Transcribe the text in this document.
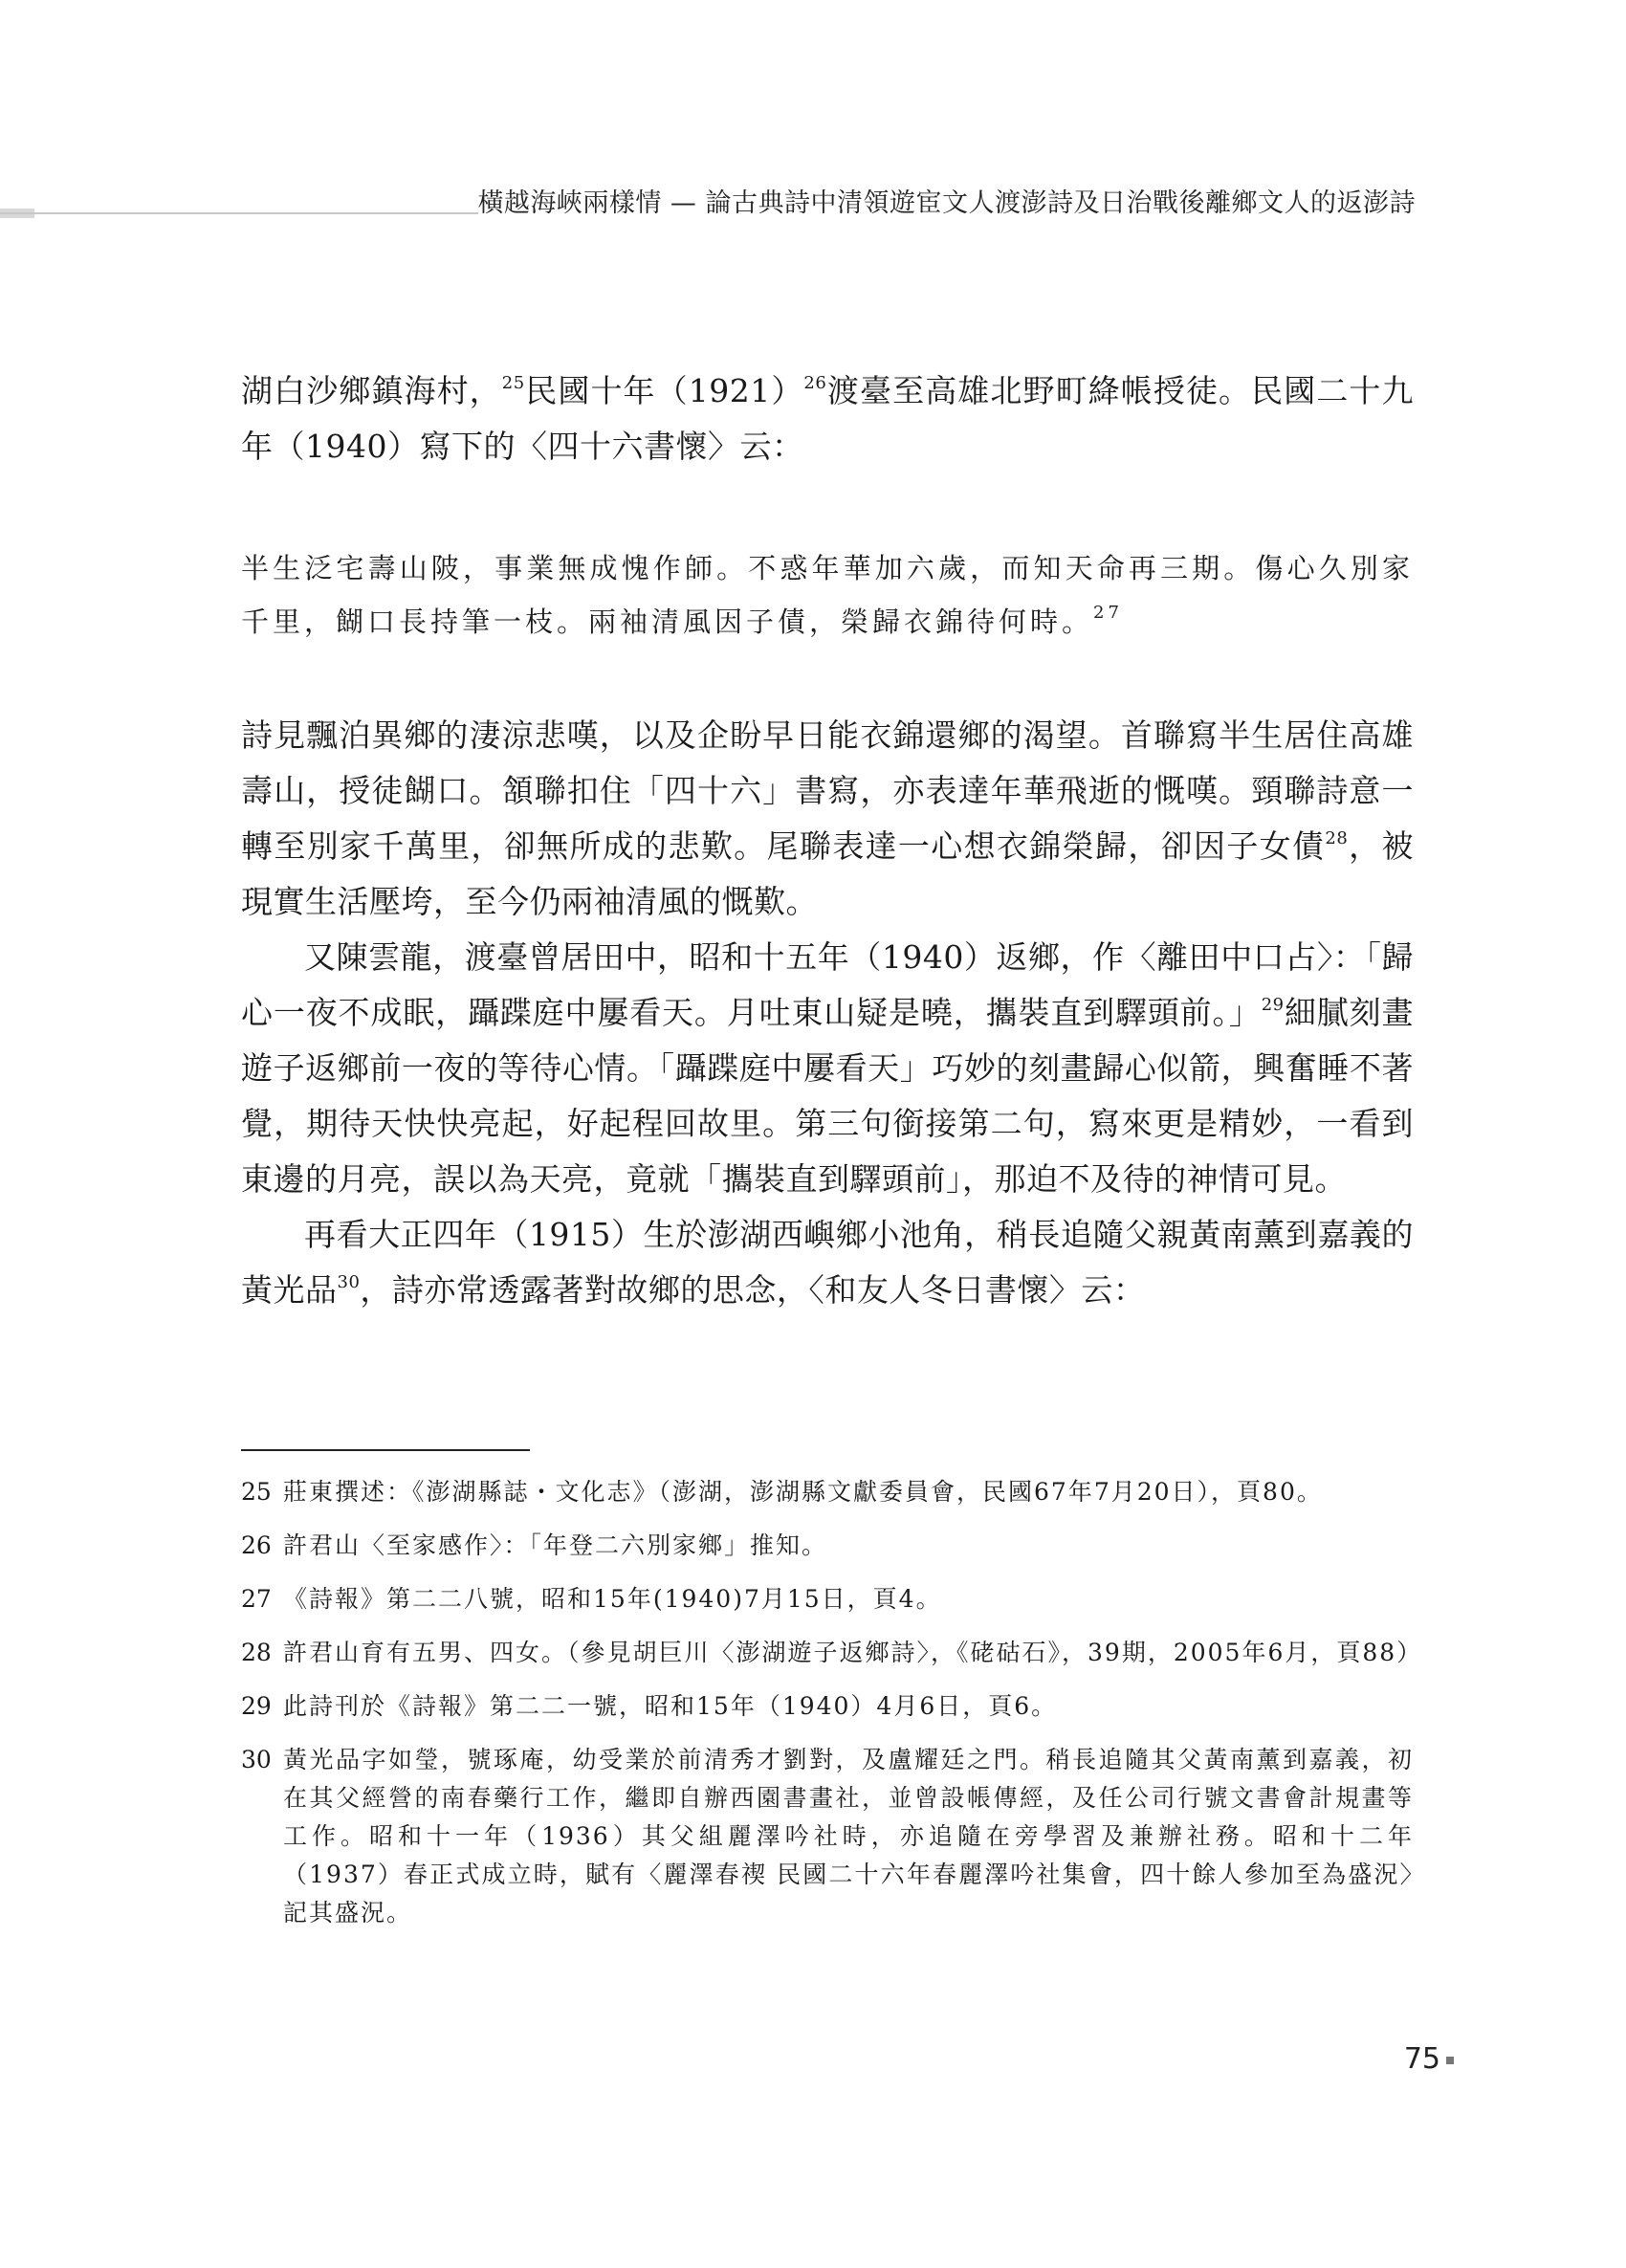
橫越海峽兩樣情 — 論古典詩中清領遊宦文人渡澎詩及日治戰後離鄉文人的返澎詩

湖白沙鄉鎮海村，$^{25}$民國十年$(1921)^{26}$渡臺至高雄北野町絳帳授徒。民國二十九年（1940）寫下的〈四十六書懷〉云：

半生泛宅壽山陂，事業無成愧作師。不惑年華加六歲，而知天命再三期。傷心久別家千里，餬口長持筆一枝。兩袖清風因子債，榮歸衣錦待何時。$^{27}$

詩見飄泊異鄉的淒涼悲嘆，以及企盼早日能衣錦還鄉的渴望。首聯寫半生居住高雄壽山，授徒餬口。頷聯扣住「四十六」書寫，亦表達年華飛逝的慨嘆。頸聯詩意一轉至別家千萬里，卻無所成的悲歎。尾聯表達一心想衣錦榮歸，卻因子女債$^{28}$，被現實生活壓垮，至今仍兩袖清風的慨歎。

又陳雲龍，渡臺曾居田中，昭和十五年（1940）返鄉，作〈離田中口占〉：「歸心一夜不成眠，躡蹀庭中屢看天。月吐東山疑是曉，攜裝直到驛頭前。」$^{29}$細膩刻畫遊子返鄉前一夜的等待心情。「躡蹀庭中屢看天」巧妙的刻畫歸心似箭，興奮睡不著覺，期待天快快亮起，好起程回故里。第三句銜接第二句，寫來更是精妙，一看到東邊的月亮，誤以為天亮，竟就「攜裝直到驛頭前」，那迫不及待的神情可見。

再看大正四年（1915）生於澎湖西嶼鄉小池角，稍長追隨父親黃南薰到嘉義的黃光品$^{30}$，詩亦常透露著對故鄉的思念，〈和友人冬日書懷〉云：

25 莊東撰述：《澎湖縣誌・文化志》（澎湖，澎湖縣文獻委員會，民國67年7月20日），頁80。
26 許君山〈至家感作〉：「年登二六別家鄉」推知。
27 《詩報》第二二八號，昭和15年(1940)7月15日，頁4。
28 許君山育有五男、四女。（參見胡巨川〈澎湖遊子返鄉詩〉，《硓𥑮石》，39期，2005年6月，頁88）
29 此詩刊於《詩報》第二二一號，昭和15年（1940）4月6日，頁6。
30 黃光品字如瑩，號琢庵，幼受業於前清秀才劉對，及盧耀廷之門。稍長追隨其父黃南薰到嘉義，初在其父經營的南春藥行工作，繼即自辦西園書畫社，並曾設帳傳經，及任公司行號文書會計規畫等工作。昭和十一年（1936）其父組麗澤吟社時，亦追隨在旁學習及兼辦社務。昭和十二年（1937）春正式成立時，賦有〈麗澤春禊 民國二十六年春麗澤吟社集會，四十餘人參加至為盛況〉記其盛況。
75
